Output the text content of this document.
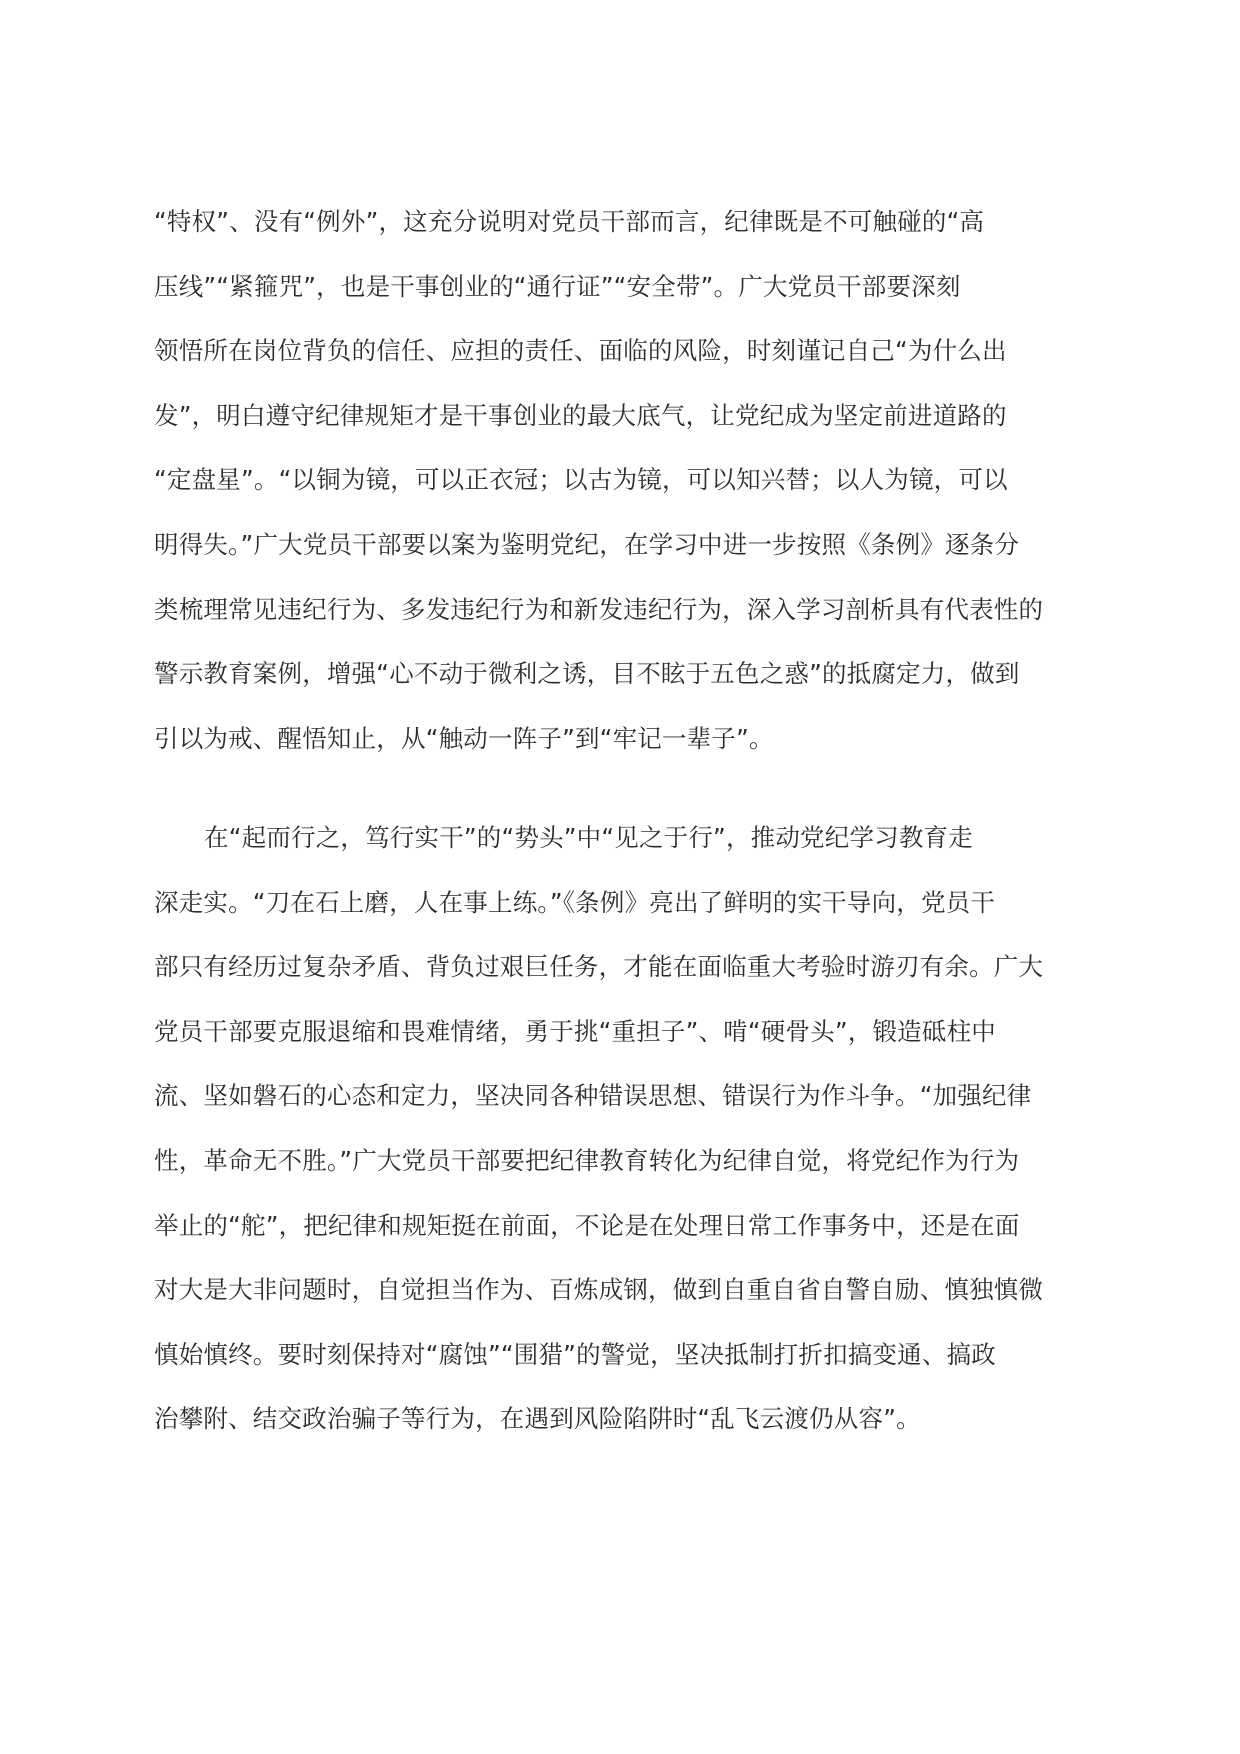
“特权”、没有“例外”，这充分说明对党员干部而言，纪律既是不可触碰的“高
压线”“紧箍咒”，也是干事创业的“通行证”“安全带”。广大党员干部要深刻
领悟所在岗位背负的信任、应担的责任、面临的风险，时刻谨记自己“为什么出
发”，明白遵守纪律规矩才是干事创业的最大底气，让党纪成为坚定前进道路的
“定盘星”。“以铜为镜，可以正衣冠；以古为镜，可以知兴替；以人为镜，可以
明得失。”广大党员干部要以案为鉴明党纪，在学习中进一步按照《条例》逐条分
类梳理常见违纪行为、多发违纪行为和新发违纪行为，深入学习剖析具有代表性的
警示教育案例，增强“心不动于微利之诱，目不眩于五色之惑”的抵腐定力，做到
引以为戒、醒悟知止，从“触动一阵子”到“牢记一辈子”。
在“起而行之，笃行实干”的“势头”中“见之于行”，推动党纪学习教育走
深走实。“刀在石上磨，人在事上练。”《条例》亮出了鲜明的实干导向，党员干
部只有经历过复杂矛盾、背负过艰巨任务，才能在面临重大考验时游刃有余。广大
党员干部要克服退缩和畏难情绪，勇于挑“重担子”、啃“硬骨头”，锻造砥柱中
流、坚如磐石的心态和定力，坚决同各种错误思想、错误行为作斗争。“加强纪律
性，革命无不胜。”广大党员干部要把纪律教育转化为纪律自觉，将党纪作为行为
举止的“舵”，把纪律和规矩挺在前面，不论是在处理日常工作事务中，还是在面
对大是大非问题时，自觉担当作为、百炼成钢，做到自重自省自警自励、慎独慎微
慎始慎终。要时刻保持对“腐蚀”“围猎”的警觉，坚决抵制打折扣搞变通、搞政
治攀附、结交政治骗子等行为，在遇到风险陷阱时“乱飞云渡仍从容”。
